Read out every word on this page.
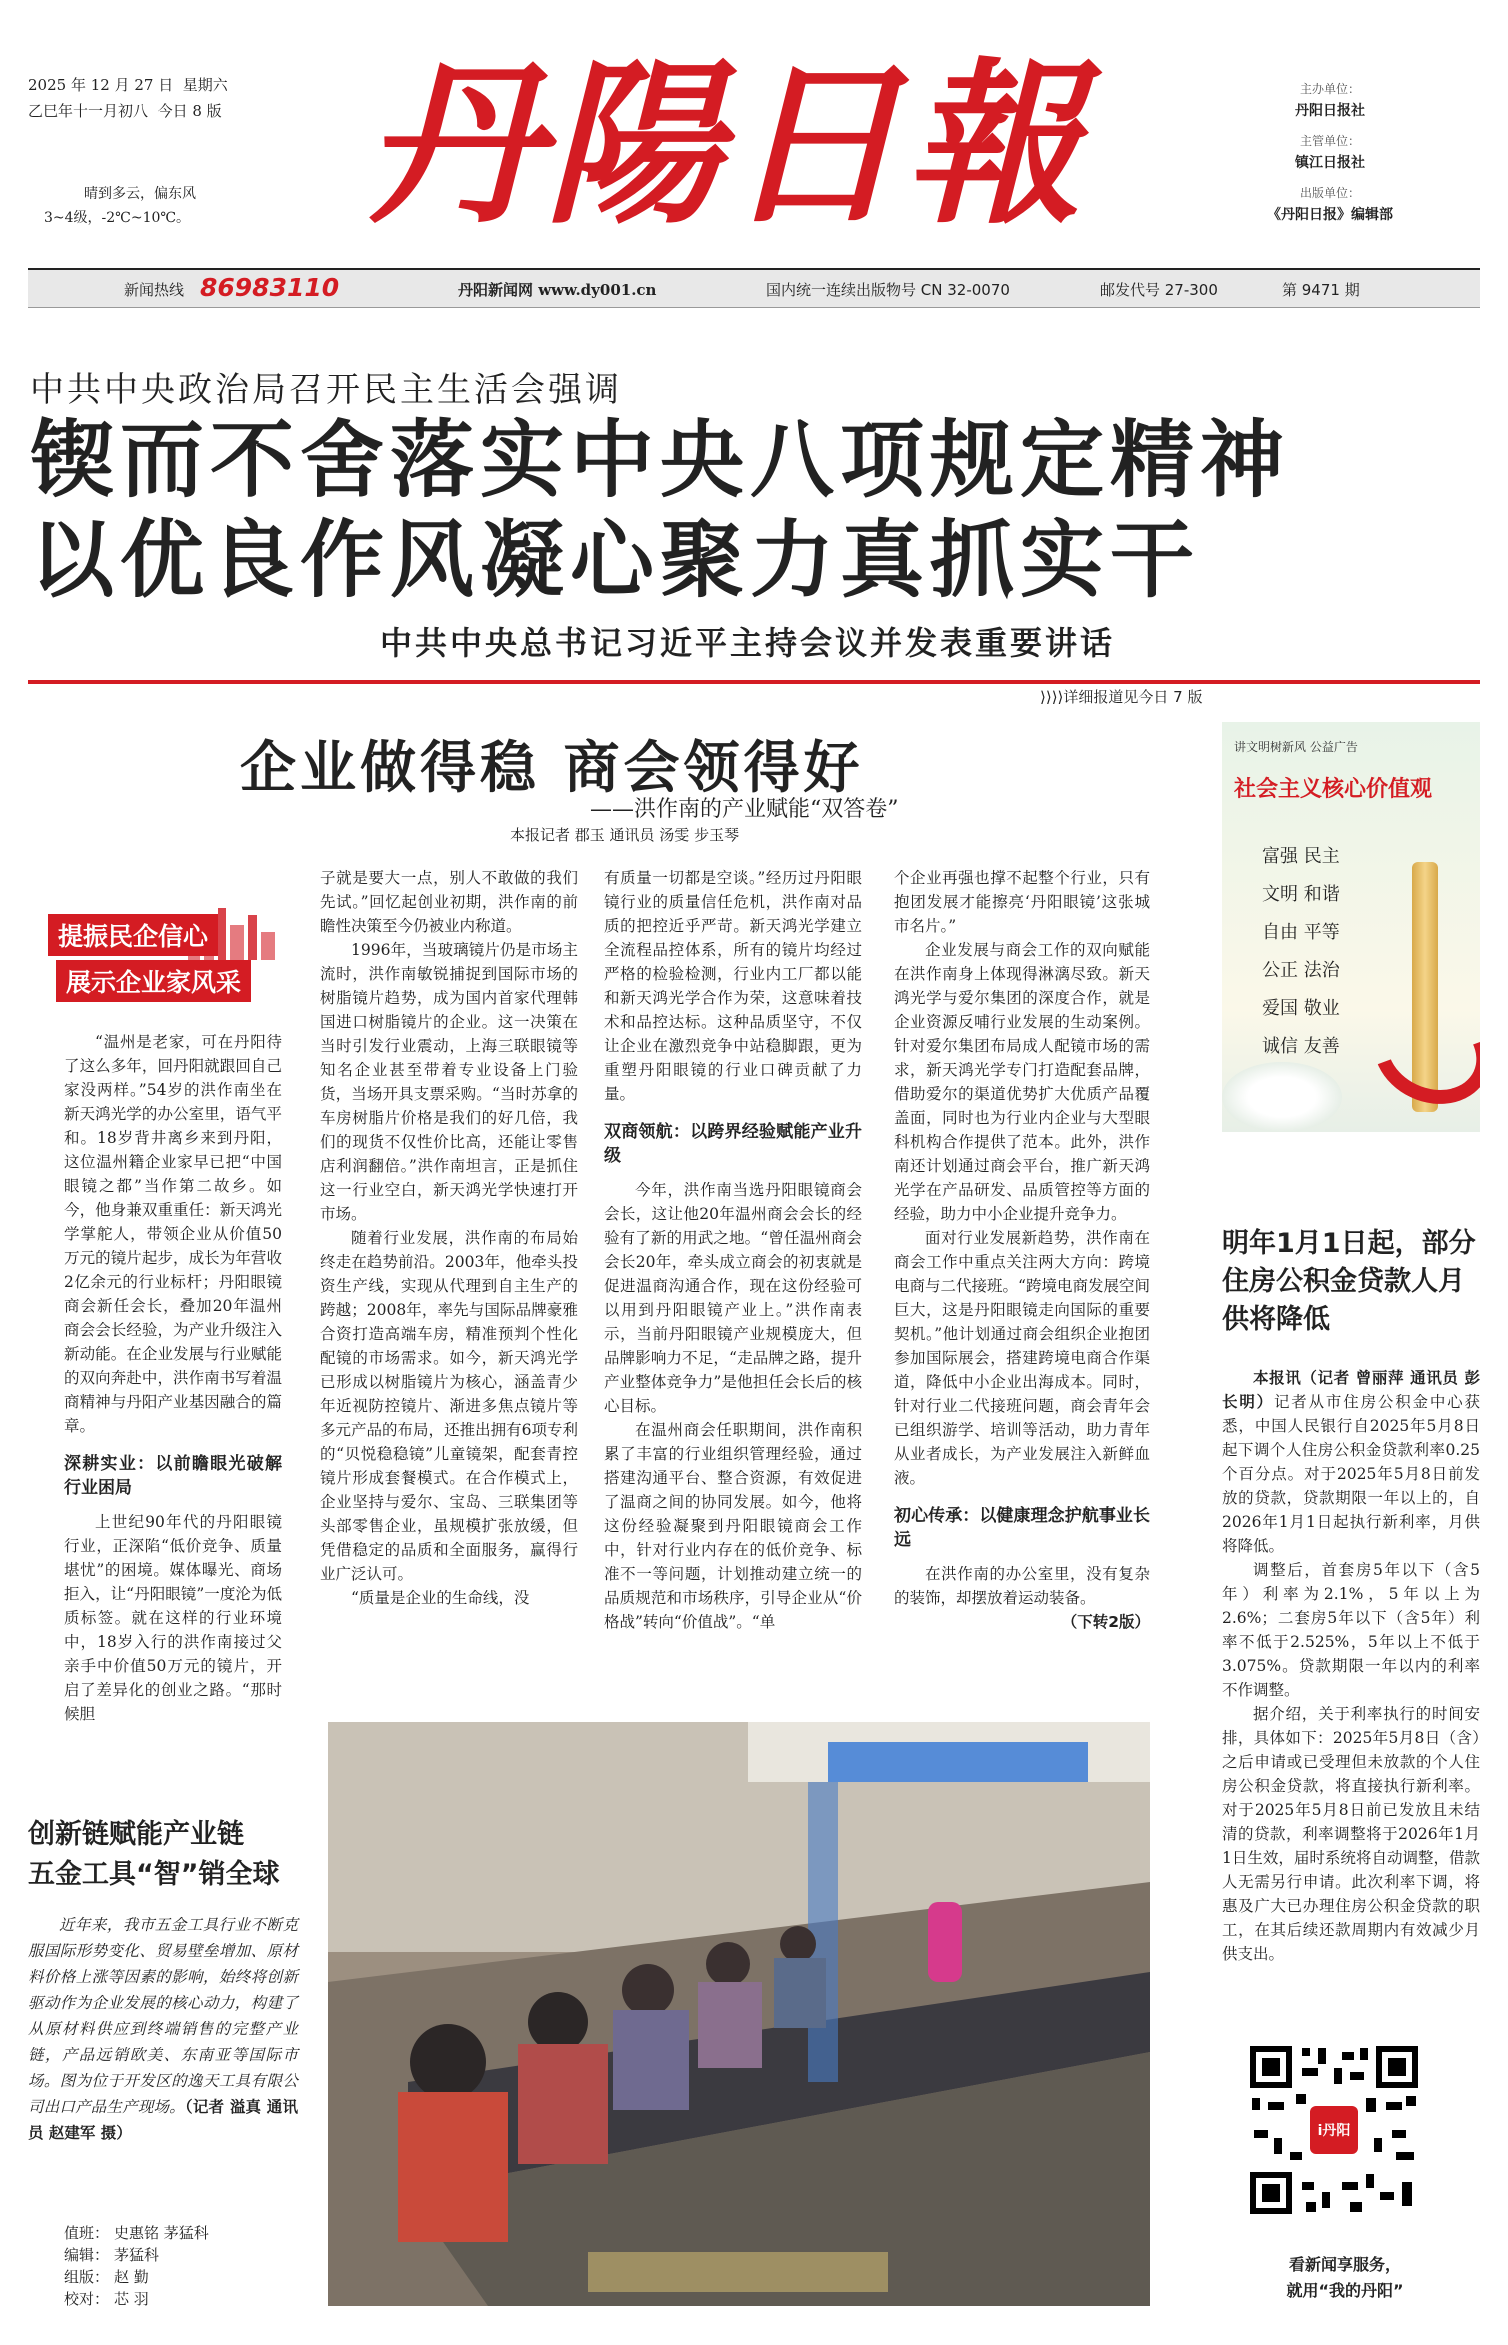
2025 年 12 月 27 日 星期六
乙巳年十一月初八 今日 8 版
晴到多云，偏东风
3~4级，-2℃~10℃。 丹陽日報	主办单位：
丹阳日报社
主管单位：
镇江日报社
出版单位：
《丹阳日报》编辑部
新闻热线 86983110	丹阳新闻网 www.dy001.cn	国内统一连续出版物号 CN 32-0070	邮发代号 27-300	第 9471 期
中共中央政治局召开民主生活会强调
锲而不舍落实中央八项规定精神
以优良作风凝心聚力真抓实干
中共中央总书记习近平主持会议并发表重要讲话
⟩⟩⟩⟩详细报道见今日 7 版
企业做得稳 商会领得好
——洪作南的产业赋能“双答卷”
本报记者 郡玉 通讯员 汤雯 步玉琴
提振民企信心
展示企业家风采

“温州是老家，可在丹阳待了这么多年，回丹阳就跟回自己家没两样。”54岁的洪作南坐在新天鸿光学的办公室里，语气平和。18岁背井离乡来到丹阳，这位温州籍企业家早已把“中国眼镜之都”当作第二故乡。如今，他身兼双重重任：新天鸿光学掌舵人，带领企业从价值50万元的镜片起步，成长为年营收2亿余元的行业标杆；丹阳眼镜商会新任会长，叠加20年温州商会会长经验，为产业升级注入新动能。在企业发展与行业赋能的双向奔赴中，洪作南书写着温商精神与丹阳产业基因融合的篇章。

深耕实业：以前瞻眼光破解行业困局

上世纪90年代的丹阳眼镜行业，正深陷“低价竞争、质量堪忧”的困境。媒体曝光、商场拒入，让“丹阳眼镜”一度沦为低质标签。就在这样的行业环境中，18岁入行的洪作南接过父亲手中价值50万元的镜片，开启了差异化的创业之路。“那时候胆

子就是要大一点，别人不敢做的我们先试。”回忆起创业初期，洪作南的前瞻性决策至今仍被业内称道。

1996年，当玻璃镜片仍是市场主流时，洪作南敏锐捕捉到国际市场的树脂镜片趋势，成为国内首家代理韩国进口树脂镜片的企业。这一决策在当时引发行业震动，上海三联眼镜等知名企业甚至带着专业设备上门验货，当场开具支票采购。“当时苏拿的车房树脂片价格是我们的好几倍，我们的现货不仅性价比高，还能让零售店利润翻倍。”洪作南坦言，正是抓住这一行业空白，新天鸿光学快速打开市场。

随着行业发展，洪作南的布局始终走在趋势前沿。2003年，他牵头投资生产线，实现从代理到自主生产的跨越；2008年，率先与国际品牌豪雅合资打造高端车房，精准预判个性化配镜的市场需求。如今，新天鸿光学已形成以树脂镜片为核心，涵盖青少年近视防控镜片、渐进多焦点镜片等多元产品的布局，还推出拥有6项专利的“贝悦稳稳镜”儿童镜架，配套青控镜片形成套餐模式。在合作模式上，企业坚持与爱尔、宝岛、三联集团等头部零售企业，虽规模扩张放缓，但凭借稳定的品质和全面服务，赢得行业广泛认可。

“质量是企业的生命线，没

有质量一切都是空谈。”经历过丹阳眼镜行业的质量信任危机，洪作南对品质的把控近乎严苛。新天鸿光学建立全流程品控体系，所有的镜片均经过严格的检验检测，行业内工厂都以能和新天鸿光学合作为荣，这意味着技术和品控达标。这种品质坚守，不仅让企业在激烈竞争中站稳脚跟，更为重塑丹阳眼镜的行业口碑贡献了力量。

双商领航：以跨界经验赋能产业升级

今年，洪作南当选丹阳眼镜商会会长，这让他20年温州商会会长的经验有了新的用武之地。“曾任温州商会会长20年，牵头成立商会的初衷就是促进温商沟通合作，现在这份经验可以用到丹阳眼镜产业上。”洪作南表示，当前丹阳眼镜产业规模庞大，但品牌影响力不足，“走品牌之路，提升产业整体竞争力”是他担任会长后的核心目标。

在温州商会任职期间，洪作南积累了丰富的行业组织管理经验，通过搭建沟通平台、整合资源，有效促进了温商之间的协同发展。如今，他将这份经验凝聚到丹阳眼镜商会工作中，针对行业内存在的低价竞争、标准不一等问题，计划推动建立统一的品质规范和市场秩序，引导企业从“价格战”转向“价值战”。“单

个企业再强也撑不起整个行业，只有抱团发展才能擦亮‘丹阳眼镜’这张城市名片。”

企业发展与商会工作的双向赋能在洪作南身上体现得淋漓尽致。新天鸿光学与爱尔集团的深度合作，就是企业资源反哺行业发展的生动案例。针对爱尔集团布局成人配镜市场的需求，新天鸿光学专门打造配套品牌，借助爱尔的渠道优势扩大优质产品覆盖面，同时也为行业内企业与大型眼科机构合作提供了范本。此外，洪作南还计划通过商会平台，推广新天鸿光学在产品研发、品质管控等方面的经验，助力中小企业提升竞争力。

面对行业发展新趋势，洪作南在商会工作中重点关注两大方向：跨境电商与二代接班。“跨境电商发展空间巨大，这是丹阳眼镜走向国际的重要契机。”他计划通过商会组织企业抱团参加国际展会，搭建跨境电商合作渠道，降低中小企业出海成本。同时，针对行业二代接班问题，商会青年会已组织游学、培训等活动，助力青年从业者成长，为产业发展注入新鲜血液。

初心传承：以健康理念护航事业长远

在洪作南的办公室里，没有复杂的装饰，却摆放着运动装备。

（下转2版）
讲文明树新风 公益广告
社会主义核心价值观
富强 民主
文明 和谐
自由 平等
公正 法治
爱国 敬业
诚信 友善
明年1月1日起，部分住房公积金贷款人月供将降低

本报讯（记者 曾丽萍 通讯员 彭长明）记者从市住房公积金中心获悉，中国人民银行自2025年5月8日起下调个人住房公积金贷款利率0.25个百分点。对于2025年5月8日前发放的贷款，贷款期限一年以上的，自2026年1月1日起执行新利率，月供将降低。

调整后，首套房5年以下（含5年）利率为2.1%，5年以上为2.6%；二套房5年以下（含5年）利率不低于2.525%，5年以上不低于3.075%。贷款期限一年以内的利率不作调整。

据介绍，关于利率执行的时间安排，具体如下：2025年5月8日（含）之后申请或已受理但未放款的个人住房公积金贷款，将直接执行新利率。对于2025年5月8日前已发放且未结清的贷款，利率调整将于2026年1月1日生效，届时系统将自动调整，借款人无需另行申请。此次利率下调，将惠及广大已办理住房公积金贷款的职工，在其后续还款周期内有效减少月供支出。

创新链赋能产业链
五金工具“智”销全球

近年来，我市五金工具行业不断克服国际形势变化、贸易壁垒增加、原材料价格上涨等因素的影响，始终将创新驱动作为企业发展的核心动力，构建了从原材料供应到终端销售的完整产业链，产品远销欧美、东南亚等国际市场。图为位于开发区的逸天工具有限公司出口产品生产现场。（记者 溢真 通讯员 赵建军 摄）

值班： 史惠铭 茅猛科
编辑： 茅猛科
组版： 赵 勤
校对： 芯 羽
i丹阳
看新闻享服务，
就用“我的丹阳”
